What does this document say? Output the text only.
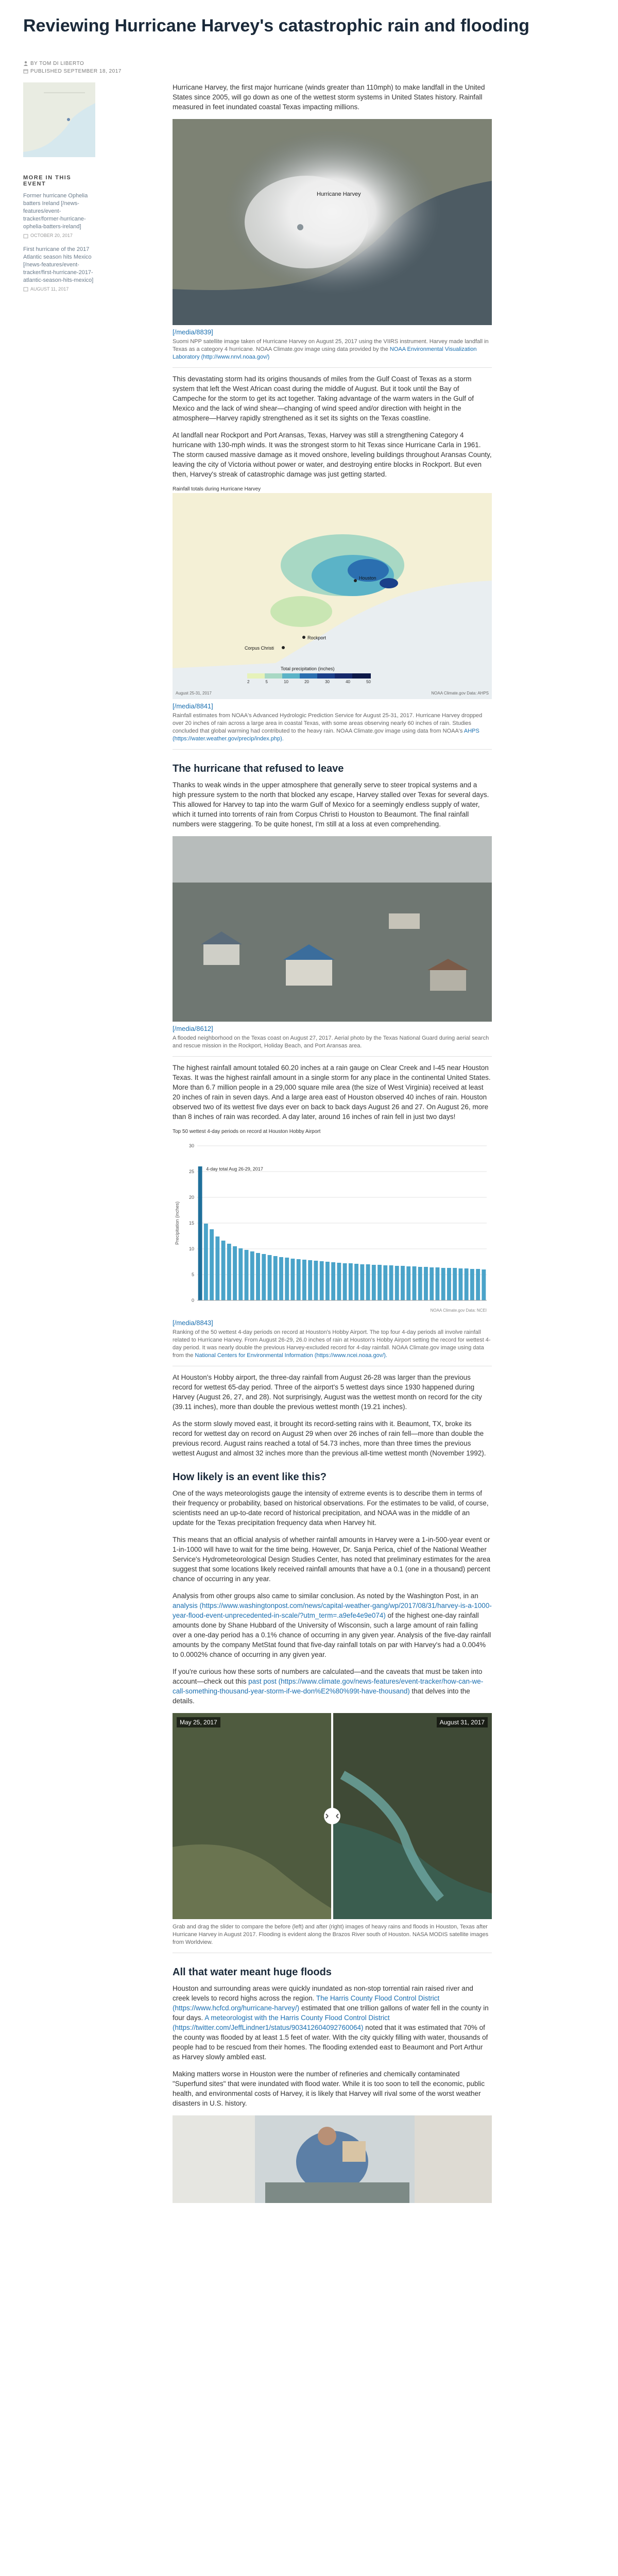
Reviewing Hurricane Harvey's catastrophic rain and flooding
BY TOM DI LIBERTO
PUBLISHED SEPTEMBER 18, 2017
MORE IN THIS EVENT
Former hurricane Ophelia batters Ireland [/news-features/event-tracker/former-hurricane-ophelia-batters-ireland]
OCTOBER 20, 2017
First hurricane of the 2017 Atlantic season hits Mexico [/news-features/event-tracker/first-hurricane-2017-atlantic-season-hits-mexico]
AUGUST 11, 2017

Hurricane Harvey, the first major hurricane (winds greater than 110mph) to make landfall in the United States since 2005, will go down as one of the wettest storm systems in United States history. Rainfall measured in feet inundated coastal Texas impacting millions.

Hurricane Harvey
[/media/8839]
Suomi NPP satellite image taken of Hurricane Harvey on August 25, 2017 using the VIIRS instrument. Harvey made landfall in Texas as a category 4 hurricane. NOAA Climate.gov image using data provided by the NOAA Environmental Visualization Laboratory (http://www.nnvl.noaa.gov/)

This devastating storm had its origins thousands of miles from the Gulf Coast of Texas as a storm system that left the West African coast during the middle of August. But it took until the Bay of Campeche for the storm to get its act together. Taking advantage of the warm waters in the Gulf of Mexico and the lack of wind shear—changing of wind speed and/or direction with height in the atmosphere—Harvey rapidly strengthened as it set its sights on the Texas coastline.

At landfall near Rockport and Port Aransas, Texas, Harvey was still a strengthening Category 4 hurricane with 130-mph winds. It was the strongest storm to hit Texas since Hurricane Carla in 1961. The storm caused massive damage as it moved onshore, leveling buildings throughout Aransas County, leaving the city of Victoria without power or water, and destroying entire blocks in Rockport. But even then, Harvey's streak of catastrophic damage was just getting started.

Rainfall totals during Hurricane Harvey
Houston
Rockport
Corpus Christi
Total precipitation (inches)
2	5	10	20	30	40	50
August 25-31, 2017	NOAA Climate.gov Data: AHPS
[/media/8841]
Rainfall estimates from NOAA's Advanced Hydrologic Prediction Service for August 25-31, 2017. Hurricane Harvey dropped over 20 inches of rain across a large area in coastal Texas, with some areas observing nearly 60 inches of rain. Studies concluded that global warming had contributed to the heavy rain. NOAA Climate.gov image using data from NOAA's AHPS (https://water.weather.gov/precip/index.php).
The hurricane that refused to leave

Thanks to weak winds in the upper atmosphere that generally serve to steer tropical systems and a high pressure system to the north that blocked any escape, Harvey stalled over Texas for several days. This allowed for Harvey to tap into the warm Gulf of Mexico for a seemingly endless supply of water, which it turned into torrents of rain from Corpus Christi to Houston to Beaumont. The final rainfall numbers were staggering. To be quite honest, I'm still at a loss at even comprehending.

[/media/8612]
A flooded neighborhood on the Texas coast on August 27, 2017. Aerial photo by the Texas National Guard during aerial search and rescue mission in the Rockport, Holiday Beach, and Port Aransas area.

The highest rainfall amount totaled 60.20 inches at a rain gauge on Clear Creek and I-45 near Houston Texas. It was the highest rainfall amount in a single storm for any place in the continental United States. More than 6.7 million people in a 29,000 square mile area (the size of West Virginia) received at least 20 inches of rain in seven days. And a large area east of Houston observed 40 inches of rain. Houston observed two of its wettest five days ever on back to back days August 26 and 27. On August 26, more than 8 inches of rain was recorded. A day later, around 16 inches of rain fell in just two days!

Top 50 wettest 4-day periods on record at Houston Hobby Airport
0
5
10
15
20
25
30
Precipitation (inches)
4-day total Aug 26-29, 2017
NOAA Climate.gov Data: NCEI
[/media/8843]
Ranking of the 50 wettest 4-day periods on record at Houston's Hobby Airport. The top four 4-day periods all involve rainfall related to Hurricane Harvey. From August 26-29, 26.0 inches of rain at Houston's Hobby Airport setting the record for wettest 4-day period. It was nearly double the previous Harvey-excluded record for 4-day rainfall. NOAA Climate.gov image using data from the National Centers for Environmental Information (https://www.ncei.noaa.gov/).

At Houston's Hobby airport, the three-day rainfall from August 26-28 was larger than the previous record for wettest 65-day period. Three of the airport's 5 wettest days since 1930 happened during Harvey (August 26, 27, and 28). Not surprisingly, August was the wettest month on record for the city (39.11 inches), more than double the previous wettest month (19.21 inches).

As the storm slowly moved east, it brought its record-setting rains with it. Beaumont, TX, broke its record for wettest day on record on August 29 when over 26 inches of rain fell—more than double the previous record. August rains reached a total of 54.73 inches, more than three times the previous wettest August and almost 32 inches more than the previous all-time wettest month (November 1992).

How likely is an event like this?

One of the ways meteorologists gauge the intensity of extreme events is to describe them in terms of their frequency or probability, based on historical observations. For the estimates to be valid, of course, scientists need an up-to-date record of historical precipitation, and NOAA was in the middle of an update for the Texas precipitation frequency data when Harvey hit.

This means that an official analysis of whether rainfall amounts in Harvey were a 1-in-500-year event or 1-in-1000 will have to wait for the time being. However, Dr. Sanja Perica, chief of the National Weather Service's Hydrometeorological Design Studies Center, has noted that preliminary estimates for the area suggest that some locations likely received rainfall amounts that have a 0.1 (one in a thousand) percent chance of occurring in any year.

Analysis from other groups also came to similar conclusion. As noted by the Washington Post, in an analysis (https://www.washingtonpost.com/news/capital-weather-gang/wp/2017/08/31/harvey-is-a-1000-year-flood-event-unprecedented-in-scale/?utm_term=.a9efe4e9e074) of the highest one-day rainfall amounts done by Shane Hubbard of the University of Wisconsin, such a large amount of rain falling over a one-day period has a 0.1% chance of occurring in any given year. Analysis of the five-day rainfall amounts by the company MetStat found that five-day rainfall totals on par with Harvey's had a 0.004% to 0.0002% chance of occurring in any given year.

If you're curious how these sorts of numbers are calculated—and the caveats that must be taken into account—check out this past post (https://www.climate.gov/news-features/event-tracker/how-can-we-call-something-thousand-year-storm-if-we-don%E2%80%99t-have-thousand) that delves into the details.

May 25, 2017	August 31, 2017
Grab and drag the slider to compare the before (left) and after (right) images of heavy rains and floods in Houston, Texas after Hurricane Harvey in August 2017. Flooding is evident along the Brazos River south of Houston. NASA MODIS satellite images from Worldview.
All that water meant huge floods

Houston and surrounding areas were quickly inundated as non-stop torrential rain raised river and creek levels to record highs across the region. The Harris County Flood Control District (https://www.hcfcd.org/hurricane-harvey/) estimated that one trillion gallons of water fell in the county in four days. A meteorologist with the Harris County Flood Control District (https://twitter.com/JeffLindner1/status/903412604092760064) noted that it was estimated that 70% of the county was flooded by at least 1.5 feet of water. With the city quickly filling with water, thousands of people had to be rescued from their homes. The flooding extended east to Beaumont and Port Arthur as Harvey slowly ambled east.

Making matters worse in Houston were the number of refineries and chemically contaminated "Superfund sites" that were inundated with flood water. While it is too soon to tell the economic, public health, and environmental costs of Harvey, it is likely that Harvey will rival some of the worst weather disasters in U.S. history.
